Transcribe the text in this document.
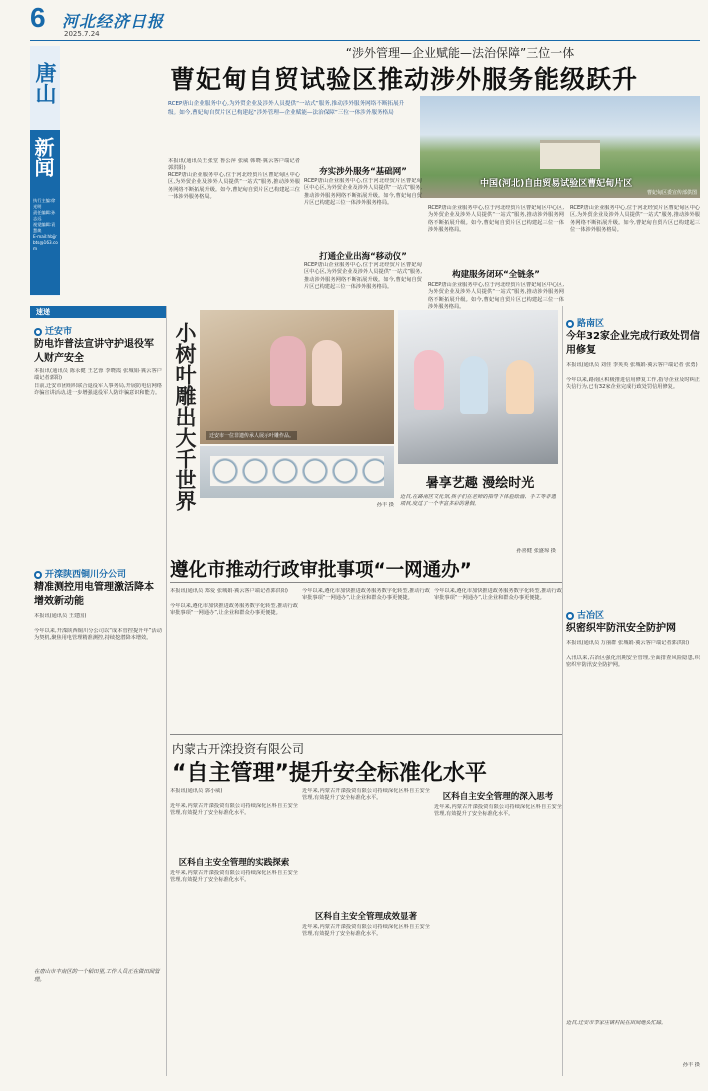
6 河北经济日报
2025.7.24
唐山
新闻
执行主编:徐光明
责任编辑:孙志远
视觉编辑:袁慧焕
E-mail:hbjjrbts@163.com
“涉外管理—企业赋能—法治保障”三位一体
曹妃甸自贸试验区推动涉外服务能级跃升
RCEP唐山企业服务中心,为外贸企业及涉外人员提供“一站式”服务,推动涉外服务网络不断拓展升级。如今,曹妃甸自贸片区已构建起“涉外管理—企业赋能—法治保障”三位一体涉外服务格局
中国(河北)自由贸易试验区曹妃甸片区
曹妃甸区委宣传部供图
本报讯(通讯员王张堂 鲁公萍 张威 韩晓·冀云客户端记者郭洪阳)
RCEP唐山企业服务中心,位于河北经贸片区曹妃甸区中心区,为外贸企业及涉外人员提供“一站式”服务,推动涉外服务网络不断拓展升级。如今,曹妃甸自贸片区已构建起三位一体涉外服务格局。
夯实涉外服务“基础网”
RCEP唐山企业服务中心,位于河北经贸片区曹妃甸区中心区,为外贸企业及涉外人员提供“一站式”服务,推动涉外服务网络不断拓展升级。如今,曹妃甸自贸片区已构建起三位一体涉外服务格局。
打通企业出海“移动仪”
RCEP唐山企业服务中心,位于河北经贸片区曹妃甸区中心区,为外贸企业及涉外人员提供“一站式”服务,推动涉外服务网络不断拓展升级。如今,曹妃甸自贸片区已构建起三位一体涉外服务格局。
RCEP唐山企业服务中心,位于河北经贸片区曹妃甸区中心区,为外贸企业及涉外人员提供“一站式”服务,推动涉外服务网络不断拓展升级。如今,曹妃甸自贸片区已构建起三位一体涉外服务格局。
构建服务闭环“全链条”
RCEP唐山企业服务中心,位于河北经贸片区曹妃甸区中心区,为外贸企业及涉外人员提供“一站式”服务,推动涉外服务网络不断拓展升级。如今,曹妃甸自贸片区已构建起三位一体涉外服务格局。
RCEP唐山企业服务中心,位于河北经贸片区曹妃甸区中心区,为外贸企业及涉外人员提供“一站式”服务,推动涉外服务网络不断拓展升级。如今,曹妃甸自贸片区已构建起三位一体涉外服务格局。
速递
迁安市
防电诈普法宣讲守护退役军人财产安全
本报讯(通讯员 陈永健 王艺蓉 李晓霞 张城娟·冀云客户端记者郭阳)
日前,迁安市团组织联合退役军人事务局,开展防电信网络诈骗宣讲活动,进一步增强退役军人防诈骗意识和能力。
开滦陕西铜川分公司
精准测控用电管理激活降本增效新动能
本报讯(通讯员 王建国)
今年以来,开滦陕西铜川分公司以“成本管控提升年”活动为契机,聚焦用电管理精准测控,持续挖潜降本增效。
在唐山市丰南区的一个稻田里,工作人员正在做田间管理。
小树叶雕出大千世界	迁安市一位非遗传承人展示叶雕作品。
孙丰 摄
暑享艺趣 漫绘时光
近日,在路南区文化馆,孩子们在老师的指导下体验绘画、手工等非遗项目,度过了一个丰富多彩的暑假。
孙喜健 张盛琼 摄
路南区
今年32家企业完成行政处罚信用修复
本报讯(通讯员 刘佳 李英英 张城娟·冀云客户端记者 张勇)
今年以来,路南区积极推进信用修复工作,指导企业及时纠正失信行为,已有32家企业完成行政处罚信用修复。
古冶区
织密织牢防汛安全防护网
本报讯(通讯员 万丽群 张城娟·冀云客户端记者郭洪阳)
入汛以来,古冶区强化汛期安全管理,全面排查风险隐患,织密织牢防汛安全防护网。
近日,迁安市李家庄镇村民在田间地头忙碌。
孙丰 摄
遵化市推动行政审批事项“一网通办”
本报讯(通讯员 郑爱 张城娟·冀云客户端记者郭洪阳)
今年以来,遵化市加快推进政务服务数字化转型,推动行政审批事项“一网通办”,让企业和群众办事更便捷。
今年以来,遵化市加快推进政务服务数字化转型,推动行政审批事项“一网通办”,让企业和群众办事更便捷。
今年以来,遵化市加快推进政务服务数字化转型,推动行政审批事项“一网通办”,让企业和群众办事更便捷。
内蒙古开滦投资有限公司
“自主管理”提升安全标准化水平
本报讯(通讯员 郭小威)
近年来,内蒙古开滦投资有限公司持续深化区科自主安全管理,有效提升了安全标准化水平。
区科自主安全管理的实践探索
近年来,内蒙古开滦投资有限公司持续深化区科自主安全管理,有效提升了安全标准化水平。
近年来,内蒙古开滦投资有限公司持续深化区科自主安全管理,有效提升了安全标准化水平。
区科自主安全管理成效显著
近年来,内蒙古开滦投资有限公司持续深化区科自主安全管理,有效提升了安全标准化水平。
区科自主安全管理的深入思考
近年来,内蒙古开滦投资有限公司持续深化区科自主安全管理,有效提升了安全标准化水平。
